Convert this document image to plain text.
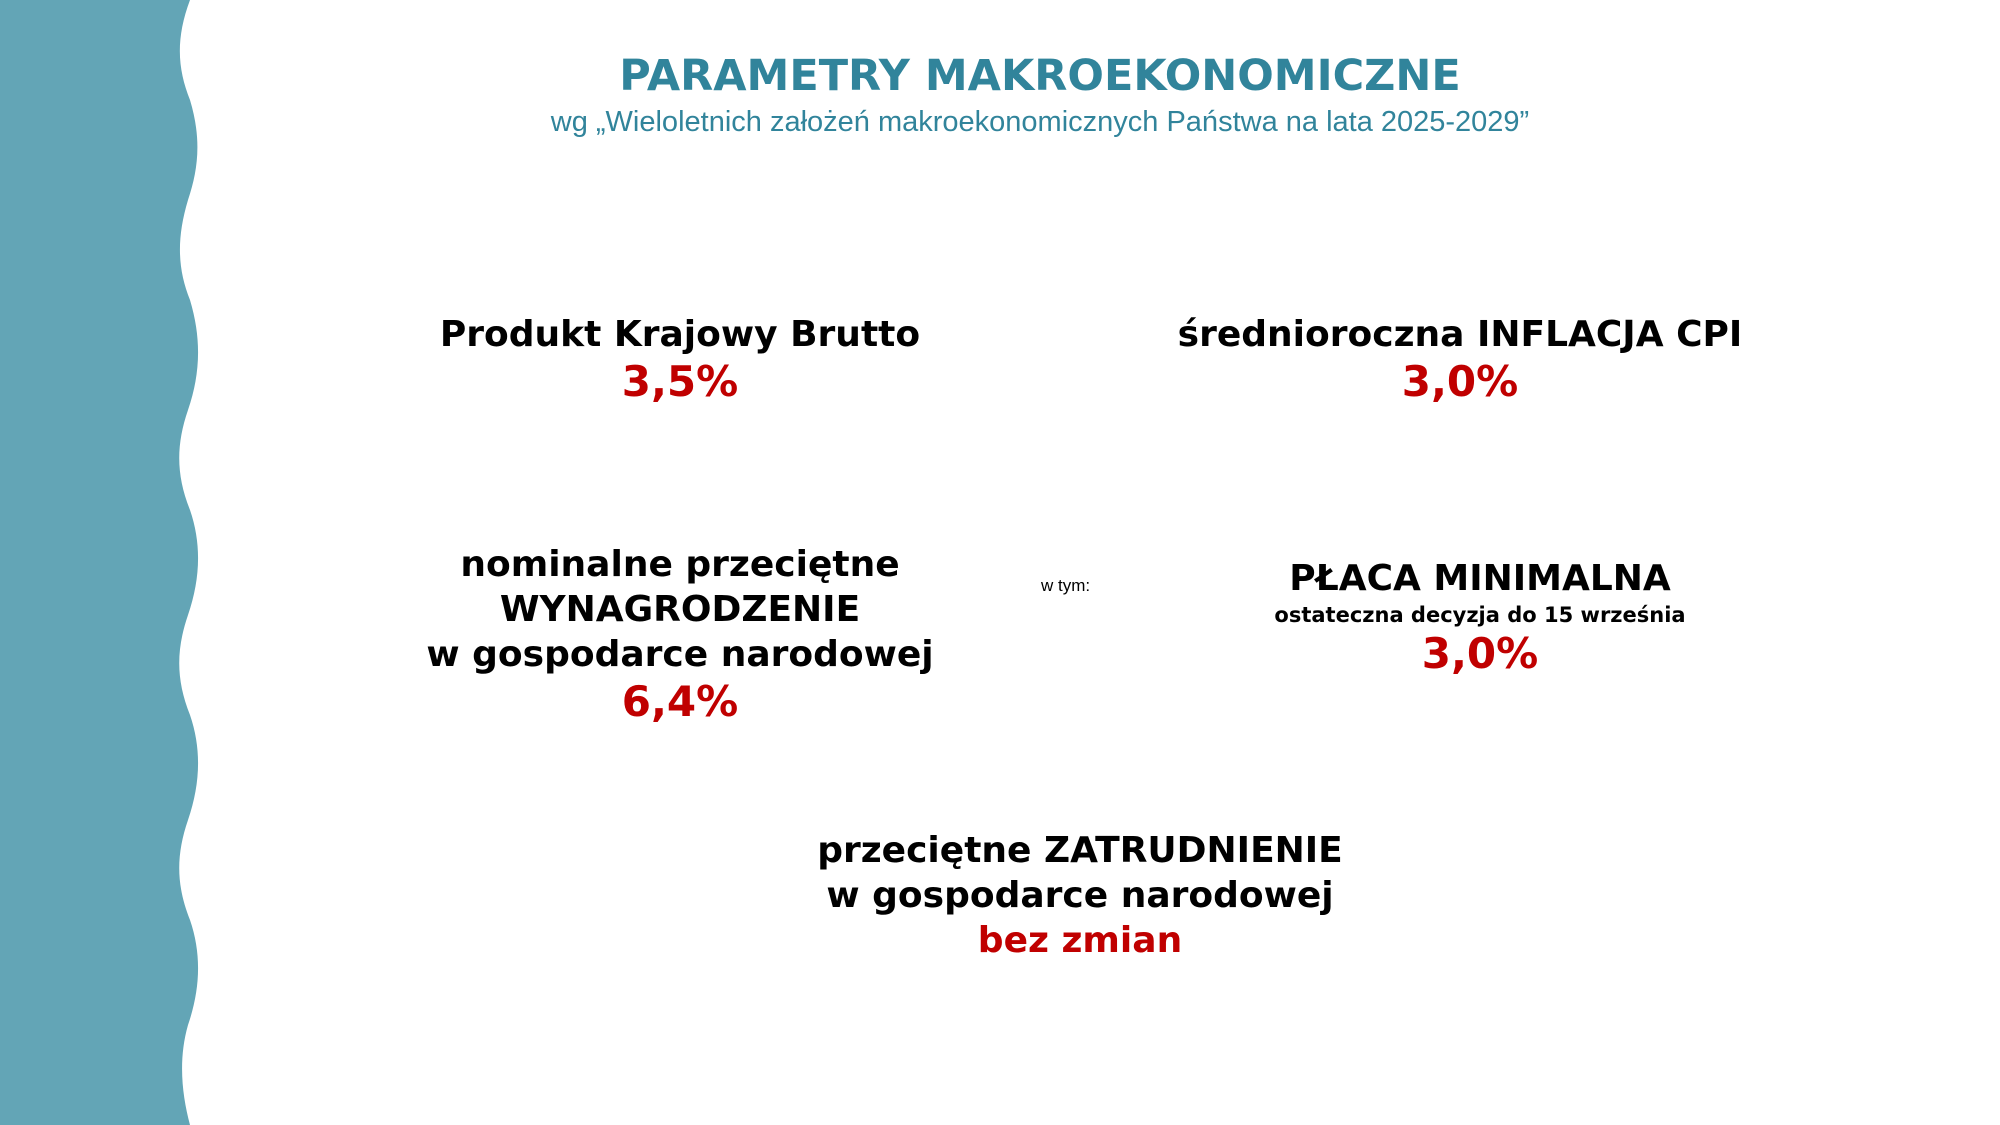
PARAMETRY MAKROEKONOMICZNE
wg „Wieloletnich założeń makroekonomicznych Państwa na lata 2025-2029”
Produkt Krajowy Brutto
3,5%
średnioroczna INFLACJA CPI
3,0%
nominalne przeciętne
WYNAGRODZENIE
w gospodarce narodowej
6,4%
w tym:	PŁACA MINIMALNA
ostateczna decyzja do 15 września
3,0%
przeciętne ZATRUDNIENIE
w gospodarce narodowej
bez zmian
